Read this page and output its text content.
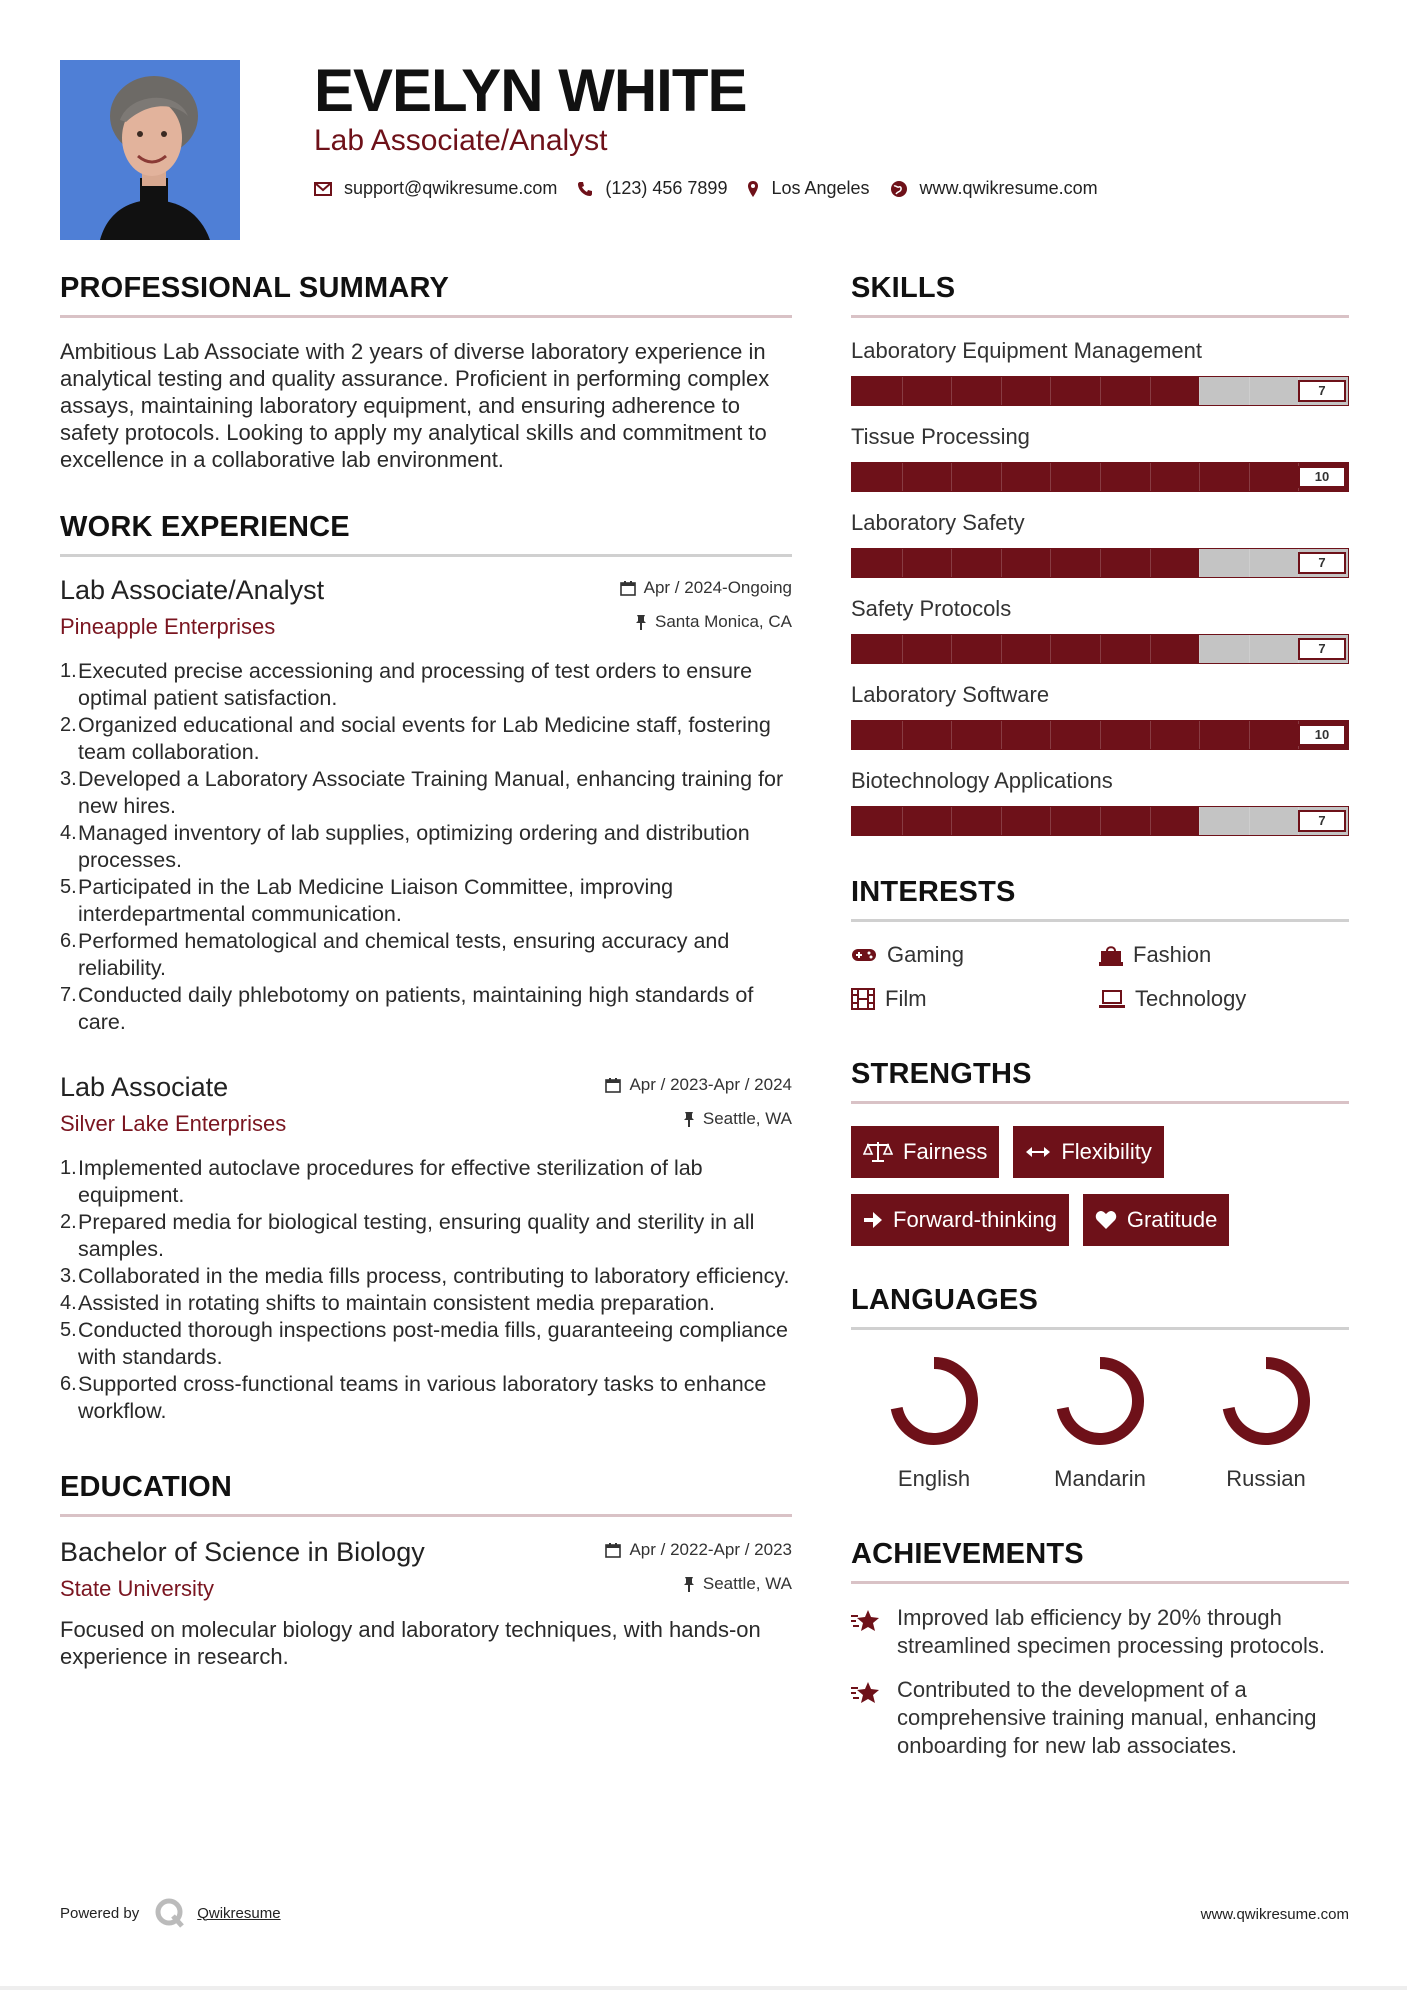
EVELYN WHITE
Lab Associate/Analyst
support@qwikresume.com	(123) 456 7899 Los Angeles	www.qwikresume.com
PROFESSIONAL SUMMARY
Ambitious Lab Associate with 2 years of diverse laboratory experience in analytical testing and quality assurance. Proficient in performing complex assays, maintaining laboratory equipment, and ensuring adherence to safety protocols. Looking to apply my analytical skills and commitment to excellence in a collaborative lab environment.
WORK EXPERIENCE
Lab Associate/Analyst
Pineapple Enterprises
Apr / 2024-Ongoing
Santa Monica, CA
1. Executed precise accessioning and processing of test orders to ensure optimal patient satisfaction.
2. Organized educational and social events for Lab Medicine staff, fostering team collaboration.
3. Developed a Laboratory Associate Training Manual, enhancing training for new hires.
4. Managed inventory of lab supplies, optimizing ordering and distribution processes.
5. Participated in the Lab Medicine Liaison Committee, improving interdepartmental communication.
6. Performed hematological and chemical tests, ensuring accuracy and reliability.
7. Conducted daily phlebotomy on patients, maintaining high standards of care.
Lab Associate
Silver Lake Enterprises
Apr / 2023-Apr / 2024
Seattle, WA
1. Implemented autoclave procedures for effective sterilization of lab equipment.
2. Prepared media for biological testing, ensuring quality and sterility in all samples.
3. Collaborated in the media fills process, contributing to laboratory efficiency.
4. Assisted in rotating shifts to maintain consistent media preparation.
5. Conducted thorough inspections post-media fills, guaranteeing compliance with standards.
6. Supported cross-functional teams in various laboratory tasks to enhance workflow.
EDUCATION
Bachelor of Science in Biology
State University
Apr / 2022-Apr / 2023
Seattle, WA
Focused on molecular biology and laboratory techniques, with hands-on experience in research.
SKILLS
Laboratory Equipment Management
7
Tissue Processing
10
Laboratory Safety
7
Safety Protocols
7
Laboratory Software
10
Biotechnology Applications
7
INTERESTS
Gaming	Fashion
Film	Technology
STRENGTHS
Fairness	Flexibility
Forward-thinking	Gratitude
LANGUAGES
English	Mandarin	Russian
ACHIEVEMENTS
Improved lab efficiency by 20% through streamlined specimen processing protocols.
Contributed to the development of a comprehensive training manual, enhancing onboarding for new lab associates.
Powered by	Qwikresume	www.qwikresume.com
